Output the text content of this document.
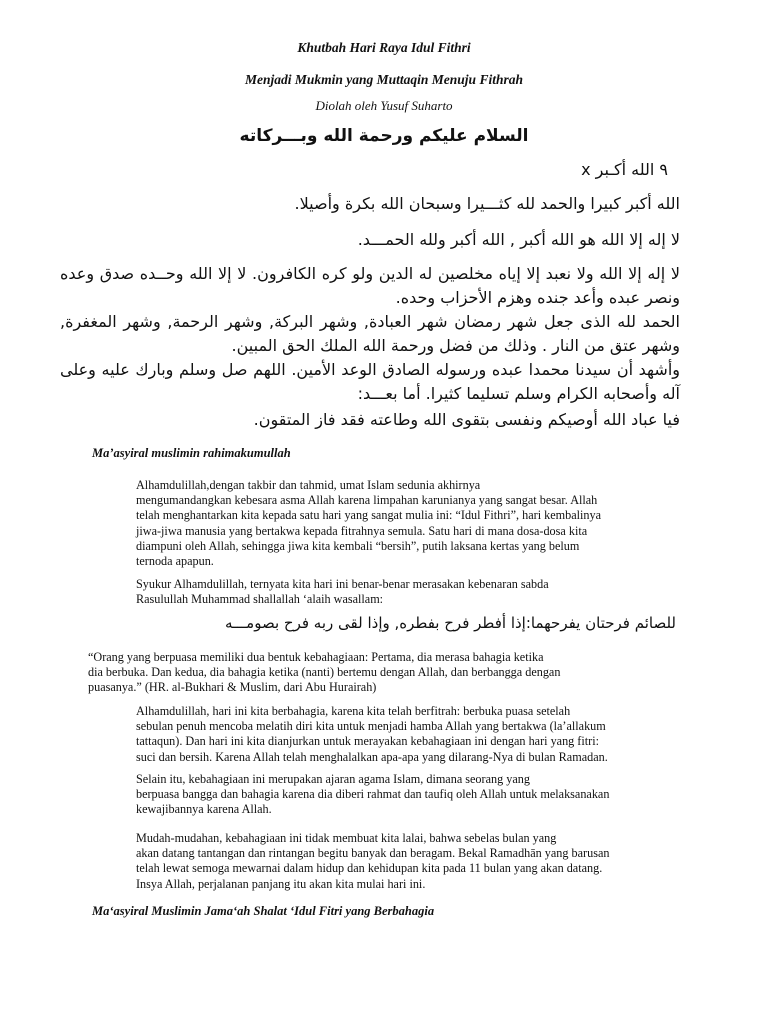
Khutbah Hari Raya Idul Fithri
Menjadi Mukmin yang Muttaqin Menuju Fithrah
Diolah oleh Yusuf Suharto
السلام عليكم ورحمة الله وبـــركاته
٩ الله أكـبر x
الله أكبر كبيرا والحمد لله كثـــيرا وسبحان الله بكرة وأصيلا.
لا إله إلا الله هو الله أكبر , الله أكبر ولله الحمـــد.
لا إله إلا الله ولا نعبد إلا إياه مخلصين له الدين ولو كره الكافرون. لا إلا الله وحــده صدق وعده ونصر عبده وأعد جنده وهزم الأحزاب وحده.
الحمد لله الذى جعل شهر رمضان شهر العبادة, وشهر البركة, وشهر الرحمة, وشهر المغفرة, وشهر عتق من النار . وذلك من فضل ورحمة الله الملك الحق المبين.
وأشهد أن سيدنا محمدا عبده ورسوله الصادق الوعد الأمين. اللهم صل وسلم وبارك عليه وعلى آله وأصحابه الكرام وسلم تسليما كثيرا. أما بعـــد:
فيا عباد الله أوصيكم ونفسى بتقوى الله وطاعته فقد فاز المتقون.
Ma’asyiral muslimin rahimakumullah
Alhamdulillah,dengan takbir dan tahmid, umat Islam sedunia akhirnya
mengumandangkan kebesara asma Allah karena limpahan karunianya yang sangat besar. Allah
telah menghantarkan kita kepada satu hari yang sangat mulia ini: “Idul Fithri”, hari kembalinya
jiwa-jiwa manusia yang bertakwa kepada fitrahnya semula. Satu hari di mana dosa-dosa kita
diampuni oleh Allah, sehingga jiwa kita kembali “bersih”, putih laksana kertas yang belum
ternoda apapun.
Syukur Alhamdulillah, ternyata kita hari ini benar-benar merasakan kebenaran sabda
Rasulullah Muhammad shallallah ‘alaih wasallam:
للصائم فرحتان يفرحهما:إذا أفطر فرح بفطره, وإذا لقى ربه فرح بصومـــه
“Orang yang berpuasa memiliki dua bentuk kebahagiaan: Pertama, dia merasa bahagia ketika
dia berbuka. Dan kedua, dia bahagia ketika (nanti) bertemu dengan Allah, dan berbangga dengan
puasanya.” (HR. al-Bukhari & Muslim, dari Abu Hurairah)
Alhamdulillah, hari ini kita berbahagia, karena kita telah berfitrah: berbuka puasa setelah
sebulan penuh mencoba melatih diri kita untuk menjadi hamba Allah yang bertakwa (la’allakum
tattaqun). Dan hari ini kita dianjurkan untuk merayakan kebahagiaan ini dengan hari yang fitri:
suci dan bersih. Karena Allah telah menghalalkan apa-apa yang dilarang-Nya di bulan Ramadan.
Selain itu, kebahagiaan ini merupakan ajaran agama Islam, dimana seorang yang
berpuasa bangga dan bahagia karena dia diberi rahmat dan taufiq oleh Allah untuk melaksanakan
kewajibannya karena Allah.
Mudah-mudahan, kebahagiaan ini tidak membuat kita lalai, bahwa sebelas bulan yang
akan datang tantangan dan rintangan begitu banyak dan beragam. Bekal Ramadhān yang barusan
telah lewat semoga mewarnai dalam hidup dan kehidupan kita pada 11 bulan yang akan datang.
Insya Allah, perjalanan panjang itu akan kita mulai hari ini.
Ma‘asyiral Muslimin Jama‘ah Shalat ‘Idul Fitri yang Berbahagia
